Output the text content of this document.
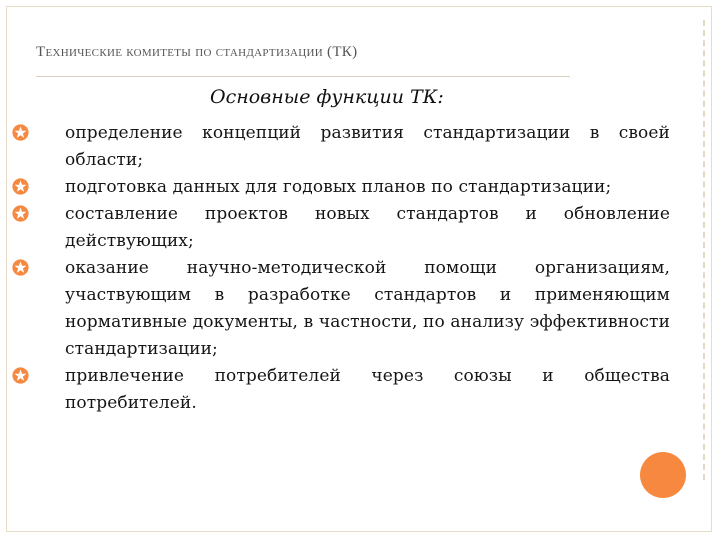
Технические комитеты по стандартизации (ТК)
Основные функции ТК:
определение концепций развития стандартизации в своей области;
подготовка данных для годовых планов по стандартизации;
составление проектов новых стандартов и обновление действующих;
оказание научно-методической помощи организациям, участвующим в разработке стандартов и применяющим нормативные документы, в частности, по анализу эффективности стандартизации;
привлечение потребителей через союзы и общества потребителей.
